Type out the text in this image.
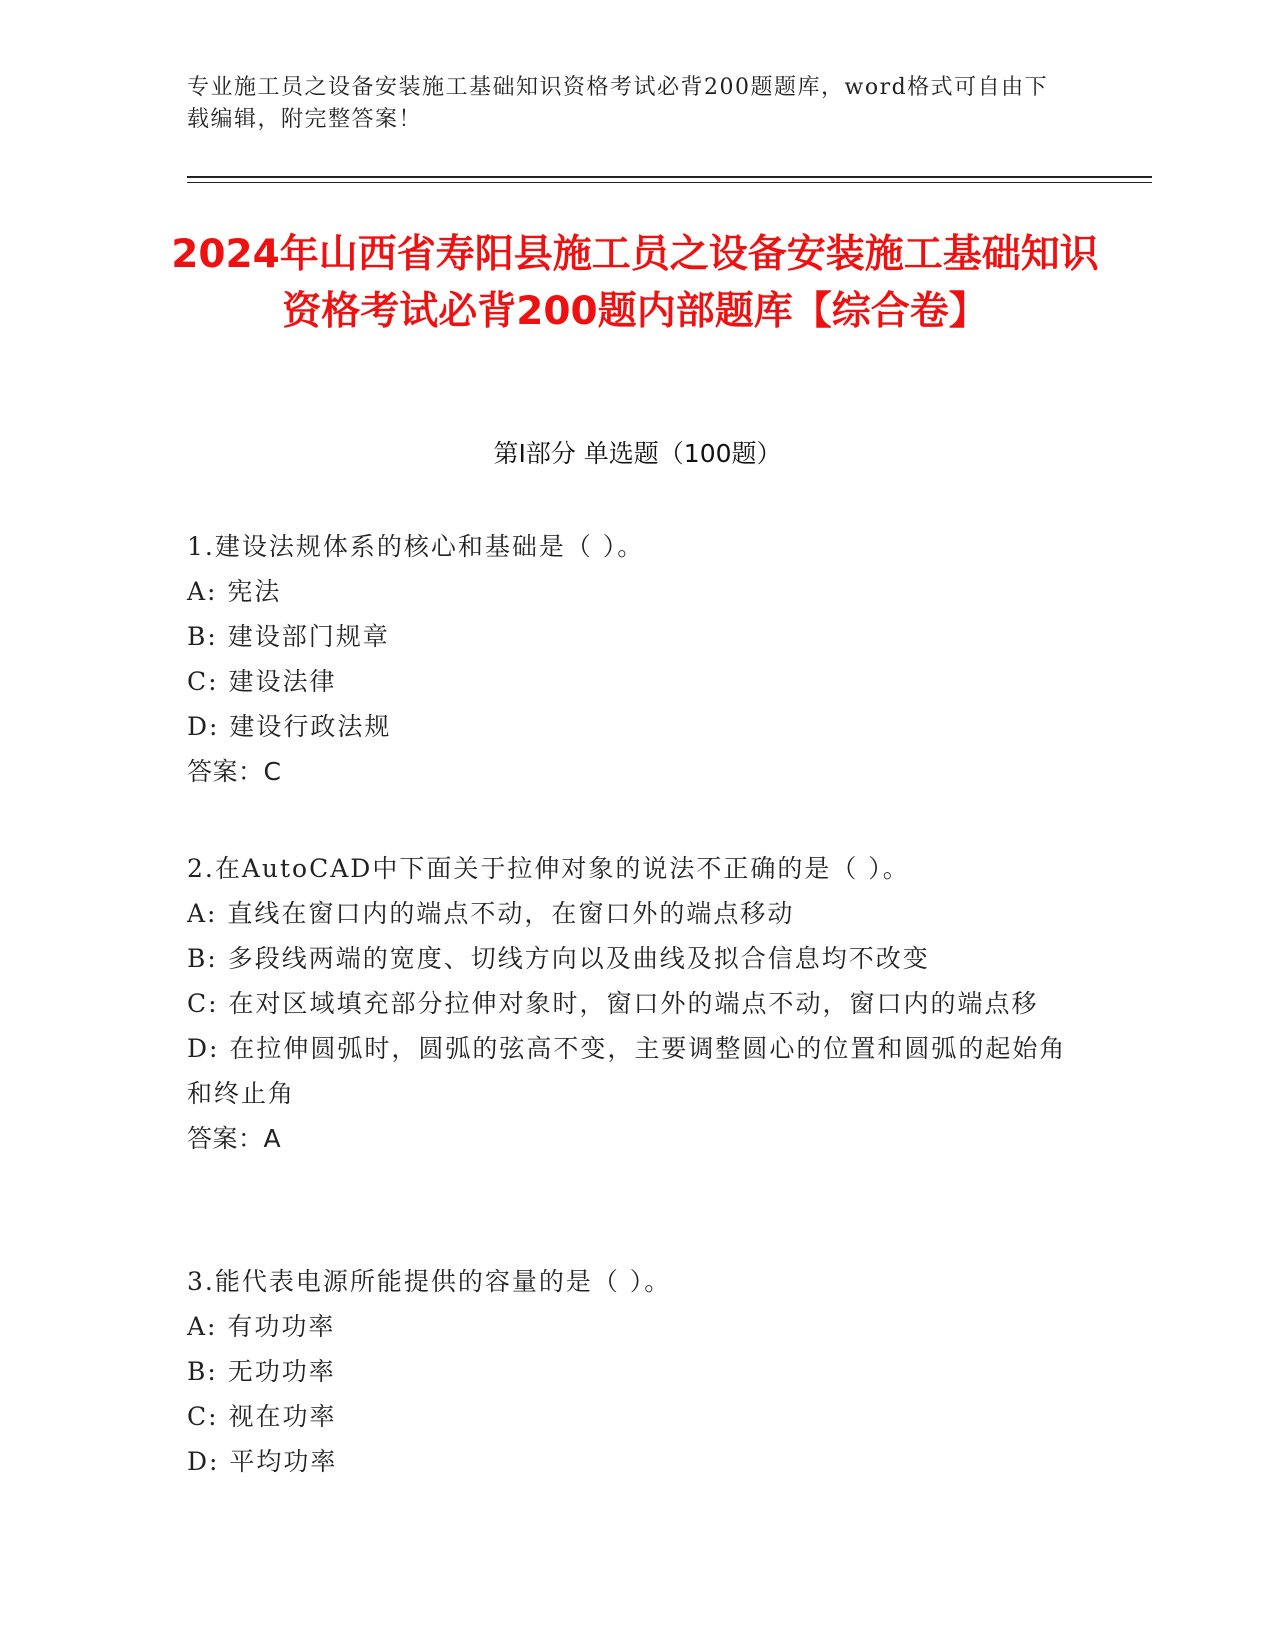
专业施工员之设备安装施工基础知识资格考试必背200题题库，word格式可自由下载编辑，附完整答案！
2024年山西省寿阳县施工员之设备安装施工基础知识资格考试必背200题内部题库【综合卷】
第I部分 单选题（100题）
1.建设法规体系的核心和基础是（ ）。
A: 宪法
B: 建设部门规章
C: 建设法律
D: 建设行政法规
答案：C
2.在AutoCAD中下面关于拉伸对象的说法不正确的是（ ）。
A: 直线在窗口内的端点不动，在窗口外的端点移动
B: 多段线两端的宽度、切线方向以及曲线及拟合信息均不改变
C: 在对区域填充部分拉伸对象时，窗口外的端点不动，窗口内的端点移
D: 在拉伸圆弧时，圆弧的弦高不变，主要调整圆心的位置和圆弧的起始角和终止角
答案：A
3.能代表电源所能提供的容量的是（ ）。
A: 有功功率
B: 无功功率
C: 视在功率
D: 平均功率
